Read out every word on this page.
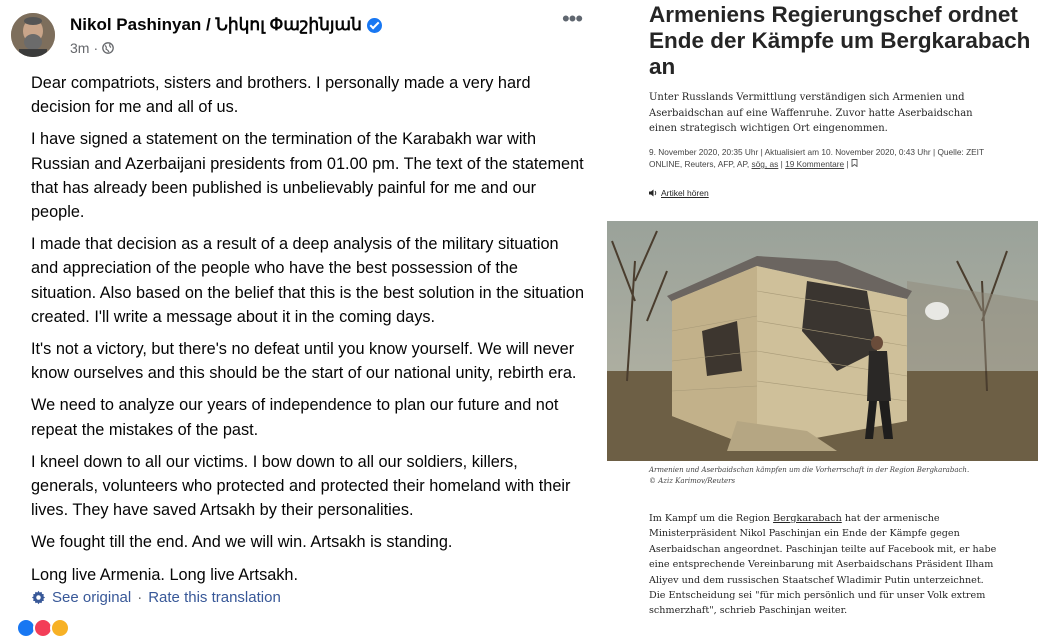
Nikol Pashinyan / Նիկոլ Փաշինյան
3m ·
•••

Dear compatriots, sisters and brothers. I personally made a very hard decision for me and all of us.

I have signed a statement on the termination of the Karabakh war with Russian and Azerbaijani presidents from 01.00 pm. The text of the statement that has already been published is unbelievably painful for me and our people.

I made that decision as a result of a deep analysis of the military situation and appreciation of the people who have the best possession of the situation. Also based on the belief that this is the best solution in the situation created. I'll write a message about it in the coming days.

It's not a victory, but there's no defeat until you know yourself. We will never know ourselves and this should be the start of our national unity, rebirth era.

We need to analyze our years of independence to plan our future and not repeat the mistakes of the past.

I kneel down to all our victims. I bow down to all our soldiers, killers, generals, volunteers who protected and protected their homeland with their lives. They have saved Artsakh by their personalities.

We fought till the end. And we will win. Artsakh is standing.

Long live Armenia. Long live Artsakh.

See original · Rate this translation
Armeniens Regierungschef ordnet Ende der Kämpfe um Bergkarabach an
Unter Russlands Vermittlung verständigen sich Armenien und Aserbaidschan auf eine Waffenruhe. Zuvor hatte Aserbaidschan einen strategisch wichtigen Ort eingenommen.
9. November 2020, 20:35 Uhr | Aktualisiert am 10. November 2020, 0:43 Uhr | Quelle: ZEIT ONLINE, Reuters, AFP, AP, sög, as | 19 Kommentare |
Artikel hören
Armenien und Aserbaidschan kämpfen um die Vorherrschaft in der Region Bergkarabach.
© Aziz Karimov/Reuters
Im Kampf um die Region Bergkarabach hat der armenische Ministerpräsident Nikol Paschinjan ein Ende der Kämpfe gegen Aserbaidschan angeordnet. Paschinjan teilte auf Facebook mit, er habe eine entsprechende Vereinbarung mit Aserbaidschans Präsident Ilham Aliyev und dem russischen Staatschef Wladimir Putin unterzeichnet. Die Entscheidung sei "für mich persönlich und für unser Volk extrem schmerzhaft", schrieb Paschinjan weiter.
